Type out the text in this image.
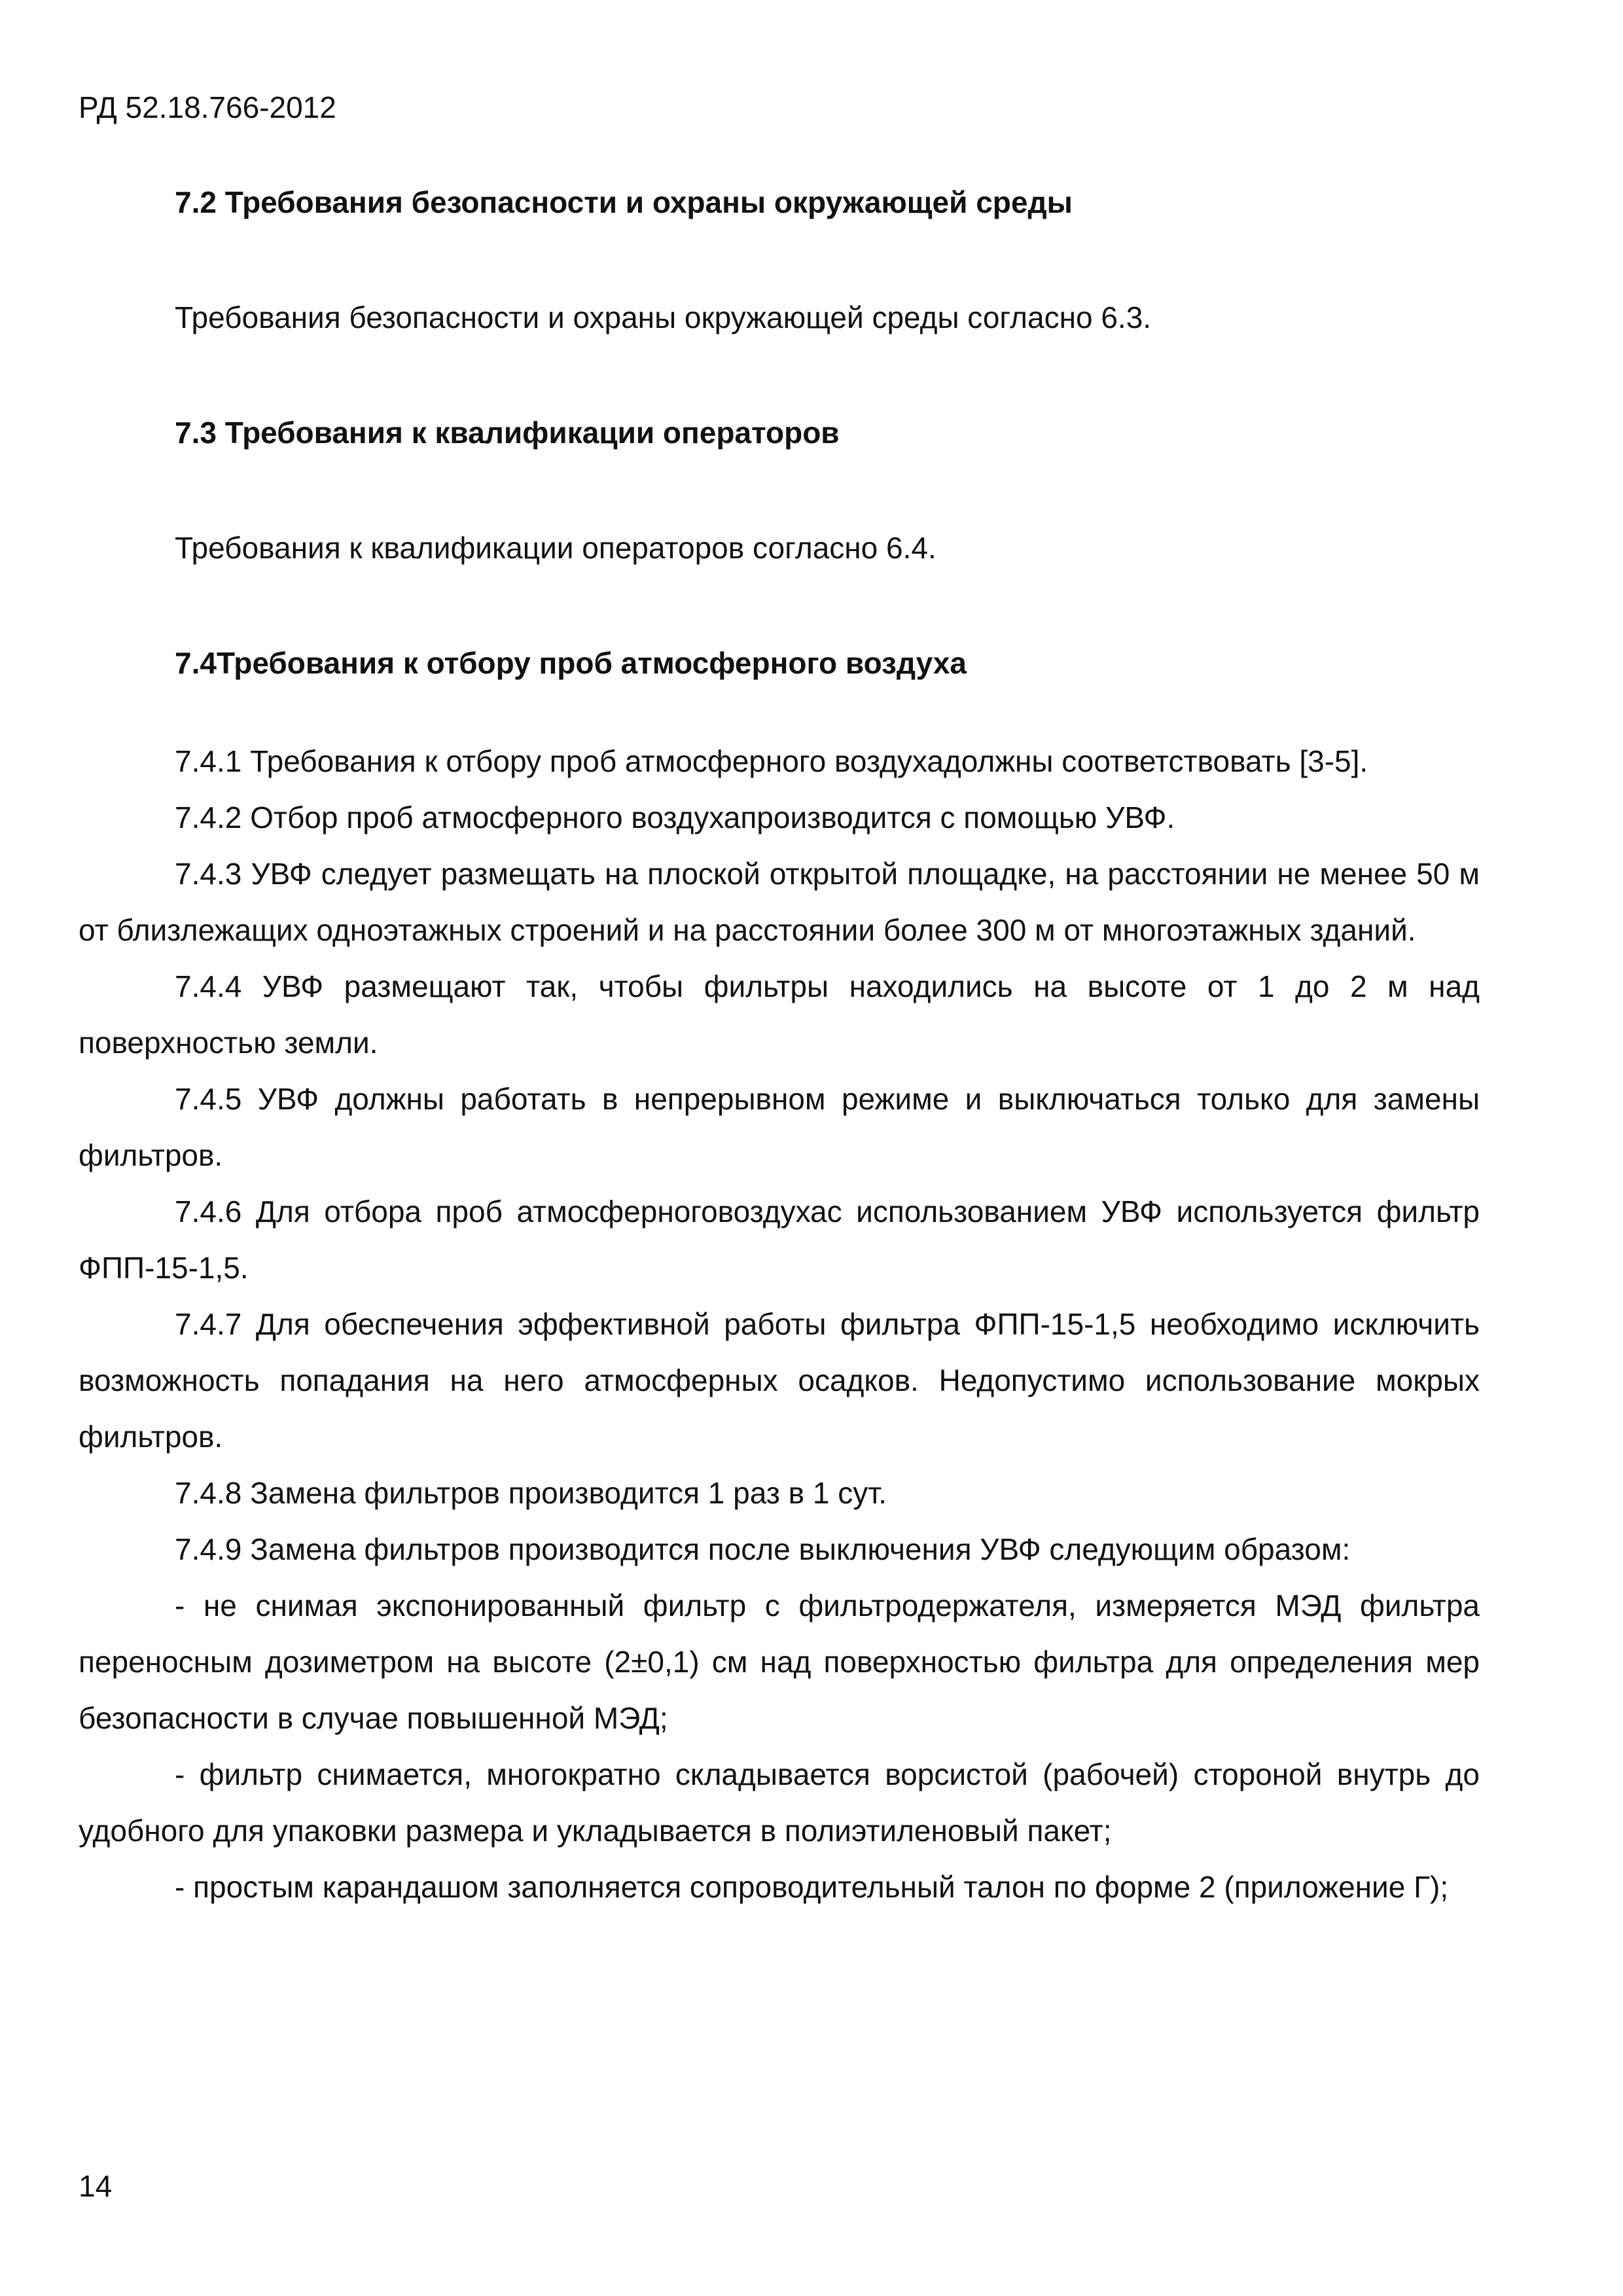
РД 52.18.766-2012

7.2 Требования безопасности и охраны окружающей среды

Требования безопасности и охраны окружающей среды согласно 6.3.

7.3 Требования к квалификации операторов

Требования к квалификации операторов согласно 6.4.

7.4Требования к отбору проб атмосферного воздуха

7.4.1 Требования к отбору проб атмосферного воздухадолжны соответствовать [3-5].

7.4.2 Отбор проб атмосферного воздухапроизводится с помощью УВФ.

7.4.3 УВФ следует размещать на плоской открытой площадке, на расстоянии не менее 50 м от близлежащих одноэтажных строений и на расстоянии более 300 м от многоэтажных зданий.

7.4.4 УВФ размещают так, чтобы фильтры находились на высоте от 1 до 2 м над поверхностью земли.

7.4.5 УВФ должны работать в непрерывном режиме и выключаться только для замены фильтров.

7.4.6 Для отбора проб атмосферноговоздухас использованием УВФ используется фильтр ФПП-15-1,5.

7.4.7 Для обеспечения эффективной работы фильтра ФПП-15-1,5 необходимо исключить возможность попадания на него атмосферных осадков. Недопустимо использование мокрых фильтров.

7.4.8 Замена фильтров производится 1 раз в 1 сут.

7.4.9 Замена фильтров производится после выключения УВФ следующим образом:

- не снимая экспонированный фильтр с фильтродержателя, измеряется МЭД фильтра переносным дозиметром на высоте (2±0,1) см над поверхностью фильтра для определения мер безопасности в случае повышенной МЭД;

- фильтр снимается, многократно складывается ворсистой (рабочей) стороной внутрь до удобного для упаковки размера и укладывается в полиэтиленовый пакет;

- простым карандашом заполняется сопроводительный талон по форме 2 (приложение Г);

14
